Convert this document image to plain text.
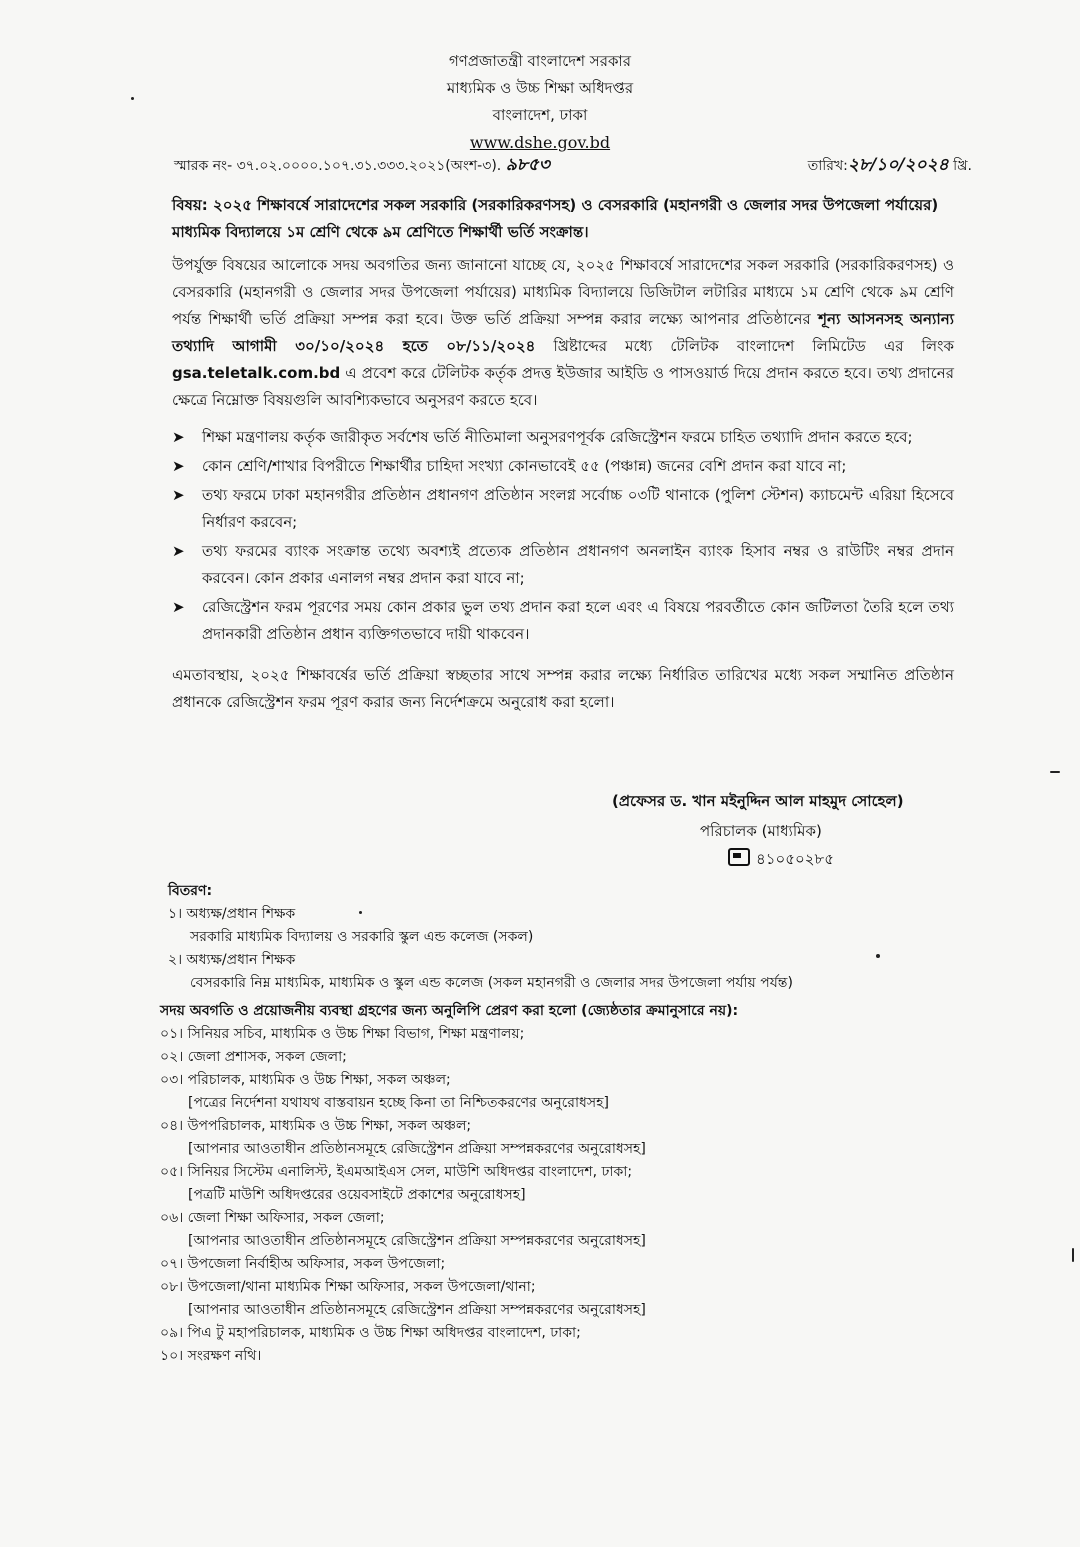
গণপ্রজাতন্ত্রী বাংলাদেশ সরকার
মাধ্যমিক ও উচ্চ শিক্ষা অধিদপ্তর
বাংলাদেশ, ঢাকা
www.dshe.gov.bd
স্মারক নং- ৩৭.০২.০০০০.১০৭.৩১.৩৩৩.২০২১(অংশ-৩). ৯৮৫৩	তারিখ:২৮/১০/২০২৪ খ্রি.
বিষয়: ২০২৫ শিক্ষাবর্ষে সারাদেশের সকল সরকারি (সরকারিকরণসহ) ও বেসরকারি (মহানগরী ও জেলার সদর উপজেলা পর্যায়ের) মাধ্যমিক বিদ্যালয়ে ১ম শ্রেণি থেকে ৯ম শ্রেণিতে শিক্ষার্থী ভর্তি সংক্রান্ত।
উপর্যুক্ত বিষয়ের আলোকে সদয় অবগতির জন্য জানানো যাচ্ছে যে, ২০২৫ শিক্ষাবর্ষে সারাদেশের সকল সরকারি (সরকারিকরণসহ) ও বেসরকারি (মহানগরী ও জেলার সদর উপজেলা পর্যায়ের) মাধ্যমিক বিদ্যালয়ে ডিজিটাল লটারির মাধ্যমে ১ম শ্রেণি থেকে ৯ম শ্রেণি পর্যন্ত শিক্ষার্থী ভর্তি প্রক্রিয়া সম্পন্ন করা হবে। উক্ত ভর্তি প্রক্রিয়া সম্পন্ন করার লক্ষ্যে আপনার প্রতিষ্ঠানের শূন্য আসনসহ অন্যান্য তথ্যাদি আগামী ৩০/১০/২০২৪ হতে ০৮/১১/২০২৪ খ্রিষ্টাব্দের মধ্যে টেলিটক বাংলাদেশ লিমিটেড এর লিংক gsa.teletalk.com.bd এ প্রবেশ করে টেলিটক কর্তৃক প্রদত্ত ইউজার আইডি ও পাসওয়ার্ড দিয়ে প্রদান করতে হবে। তথ্য প্রদানের ক্ষেত্রে নিম্নোক্ত বিষয়গুলি আবশ্যিকভাবে অনুসরণ করতে হবে।
➤ শিক্ষা মন্ত্রণালয় কর্তৃক জারীকৃত সর্বশেষ ভর্তি নীতিমালা অনুসরণপূর্বক রেজিস্ট্রেশন ফরমে চাহিত তথ্যাদি প্রদান করতে হবে;
➤ কোন শ্রেণি/শাখার বিপরীতে শিক্ষার্থীর চাহিদা সংখ্যা কোনভাবেই ৫৫ (পঞ্চান্ন) জনের বেশি প্রদান করা যাবে না;
➤ তথ্য ফরমে ঢাকা মহানগরীর প্রতিষ্ঠান প্রধানগণ প্রতিষ্ঠান সংলগ্ন সর্বোচ্চ ০৩টি থানাকে (পুলিশ স্টেশন) ক্যাচমেন্ট এরিয়া হিসেবে নির্ধারণ করবেন;
➤ তথ্য ফরমের ব্যাংক সংক্রান্ত তথ্যে অবশ্যই প্রত্যেক প্রতিষ্ঠান প্রধানগণ অনলাইন ব্যাংক হিসাব নম্বর ও রাউটিং নম্বর প্রদান করবেন। কোন প্রকার এনালগ নম্বর প্রদান করা যাবে না;
➤ রেজিস্ট্রেশন ফরম পূরণের সময় কোন প্রকার ভুল তথ্য প্রদান করা হলে এবং এ বিষয়ে পরবর্তীতে কোন জটিলতা তৈরি হলে তথ্য প্রদানকারী প্রতিষ্ঠান প্রধান ব্যক্তিগতভাবে দায়ী থাকবেন।
এমতাবস্থায়, ২০২৫ শিক্ষাবর্ষের ভর্তি প্রক্রিয়া স্বচ্ছতার সাথে সম্পন্ন করার লক্ষ্যে নির্ধারিত তারিখের মধ্যে সকল সম্মানিত প্রতিষ্ঠান প্রধানকে রেজিস্ট্রেশন ফরম পূরণ করার জন্য নির্দেশক্রমে অনুরোধ করা হলো।
(প্রফেসর ড. খান মইনুদ্দিন আল মাহমুদ সোহেল)
পরিচালক (মাধ্যমিক)
৪১০৫০২৮৫
বিতরণ:
১। অধ্যক্ষ/প্রধান শিক্ষক
সরকারি মাধ্যমিক বিদ্যালয় ও সরকারি স্কুল এন্ড কলেজ (সকল)
২। অধ্যক্ষ/প্রধান শিক্ষক
বেসরকারি নিম্ন মাধ্যমিক, মাধ্যমিক ও স্কুল এন্ড কলেজ (সকল মহানগরী ও জেলার সদর উপজেলা পর্যায় পর্যন্ত)
সদয় অবগতি ও প্রয়োজনীয় ব্যবস্থা গ্রহণের জন্য অনুলিপি প্রেরণ করা হলো (জ্যেষ্ঠতার ক্রমানুসারে নয়):
০১। সিনিয়র সচিব, মাধ্যমিক ও উচ্চ শিক্ষা বিভাগ, শিক্ষা মন্ত্রণালয়;
০২। জেলা প্রশাসক, সকল জেলা;
০৩। পরিচালক, মাধ্যমিক ও উচ্চ শিক্ষা, সকল অঞ্চল;
[পত্রের নির্দেশনা যথাযথ বাস্তবায়ন হচ্ছে কিনা তা নিশ্চিতকরণের অনুরোধসহ]
০৪। উপপরিচালক, মাধ্যমিক ও উচ্চ শিক্ষা, সকল অঞ্চল;
[আপনার আওতাধীন প্রতিষ্ঠানসমূহে রেজিস্ট্রেশন প্রক্রিয়া সম্পন্নকরণের অনুরোধসহ]
০৫। সিনিয়র সিস্টেম এনালিস্ট, ইএমআইএস সেল, মাউশি অধিদপ্তর বাংলাদেশ, ঢাকা;
[পত্রটি মাউশি অধিদপ্তরের ওয়েবসাইটে প্রকাশের অনুরোধসহ]
০৬। জেলা শিক্ষা অফিসার, সকল জেলা;
[আপনার আওতাধীন প্রতিষ্ঠানসমূহে রেজিস্ট্রেশন প্রক্রিয়া সম্পন্নকরণের অনুরোধসহ]
০৭। উপজেলা নির্বাহীঅ অফিসার, সকল উপজেলা;
০৮। উপজেলা/থানা মাধ্যমিক শিক্ষা অফিসার, সকল উপজেলা/থানা;
[আপনার আওতাধীন প্রতিষ্ঠানসমূহে রেজিস্ট্রেশন প্রক্রিয়া সম্পন্নকরণের অনুরোধসহ]
০৯। পিএ টু মহাপরিচালক, মাধ্যমিক ও উচ্চ শিক্ষা অধিদপ্তর বাংলাদেশ, ঢাকা;
১০। সংরক্ষণ নথি।
